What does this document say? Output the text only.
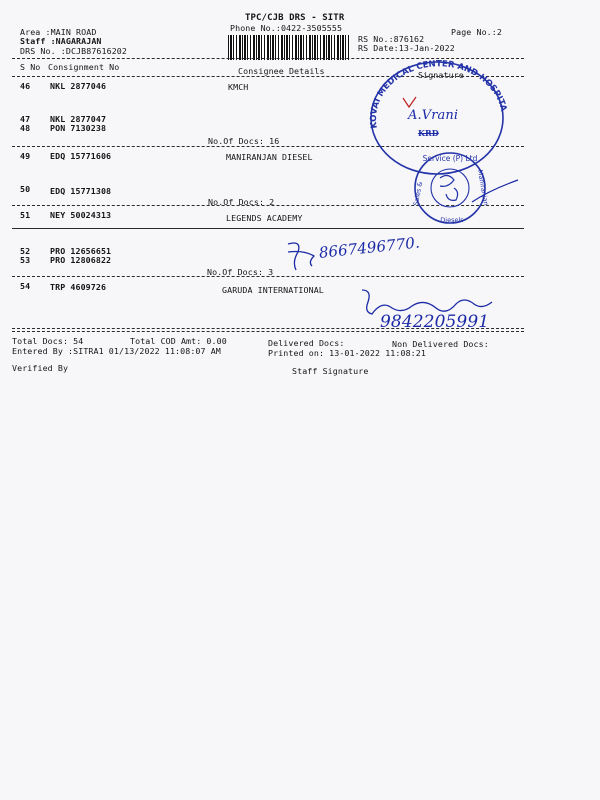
TPC/CJB DRS - SITR
Phone No.:0422-3505555
Area :MAIN ROAD
Staff :NAGARAJAN
DRS No. :DCJB87616202
Page No.:2
RS No.:876162
RS Date:13-Jan-2022
S No Consignment No	Consignee Details	Signature
46 NKL 2877046	KMCH
47 NKL 2877047
48 PON 7130238
No.Of Docs: 16
49 EDQ 15771606	MANIRANJAN DIESEL
50 EDQ 15771308
No.Of Docs: 2
51 NEY 50024313	LEGENDS ACADEMY
52 PRO 12656651
53 PRO 12806822
No.Of Docs: 3
54 TRP 4609726	GARUDA INTERNATIONAL
Total Docs: 54	Total COD Amt: 0.00	Delivered Docs:	Non Delivered Docs:
Entered By :SITRA1 01/13/2022 11:08:07 AM	Printed on: 13-01-2022 11:08:21
Verified By	Staff Signature
KOVAI MEDICAL CENTER AND HOSPITAL LTD
Service (P) Ltd
Sales &	Maniranjan
Diesels
A.Vrani
KRD
8667496770.
9842205991
